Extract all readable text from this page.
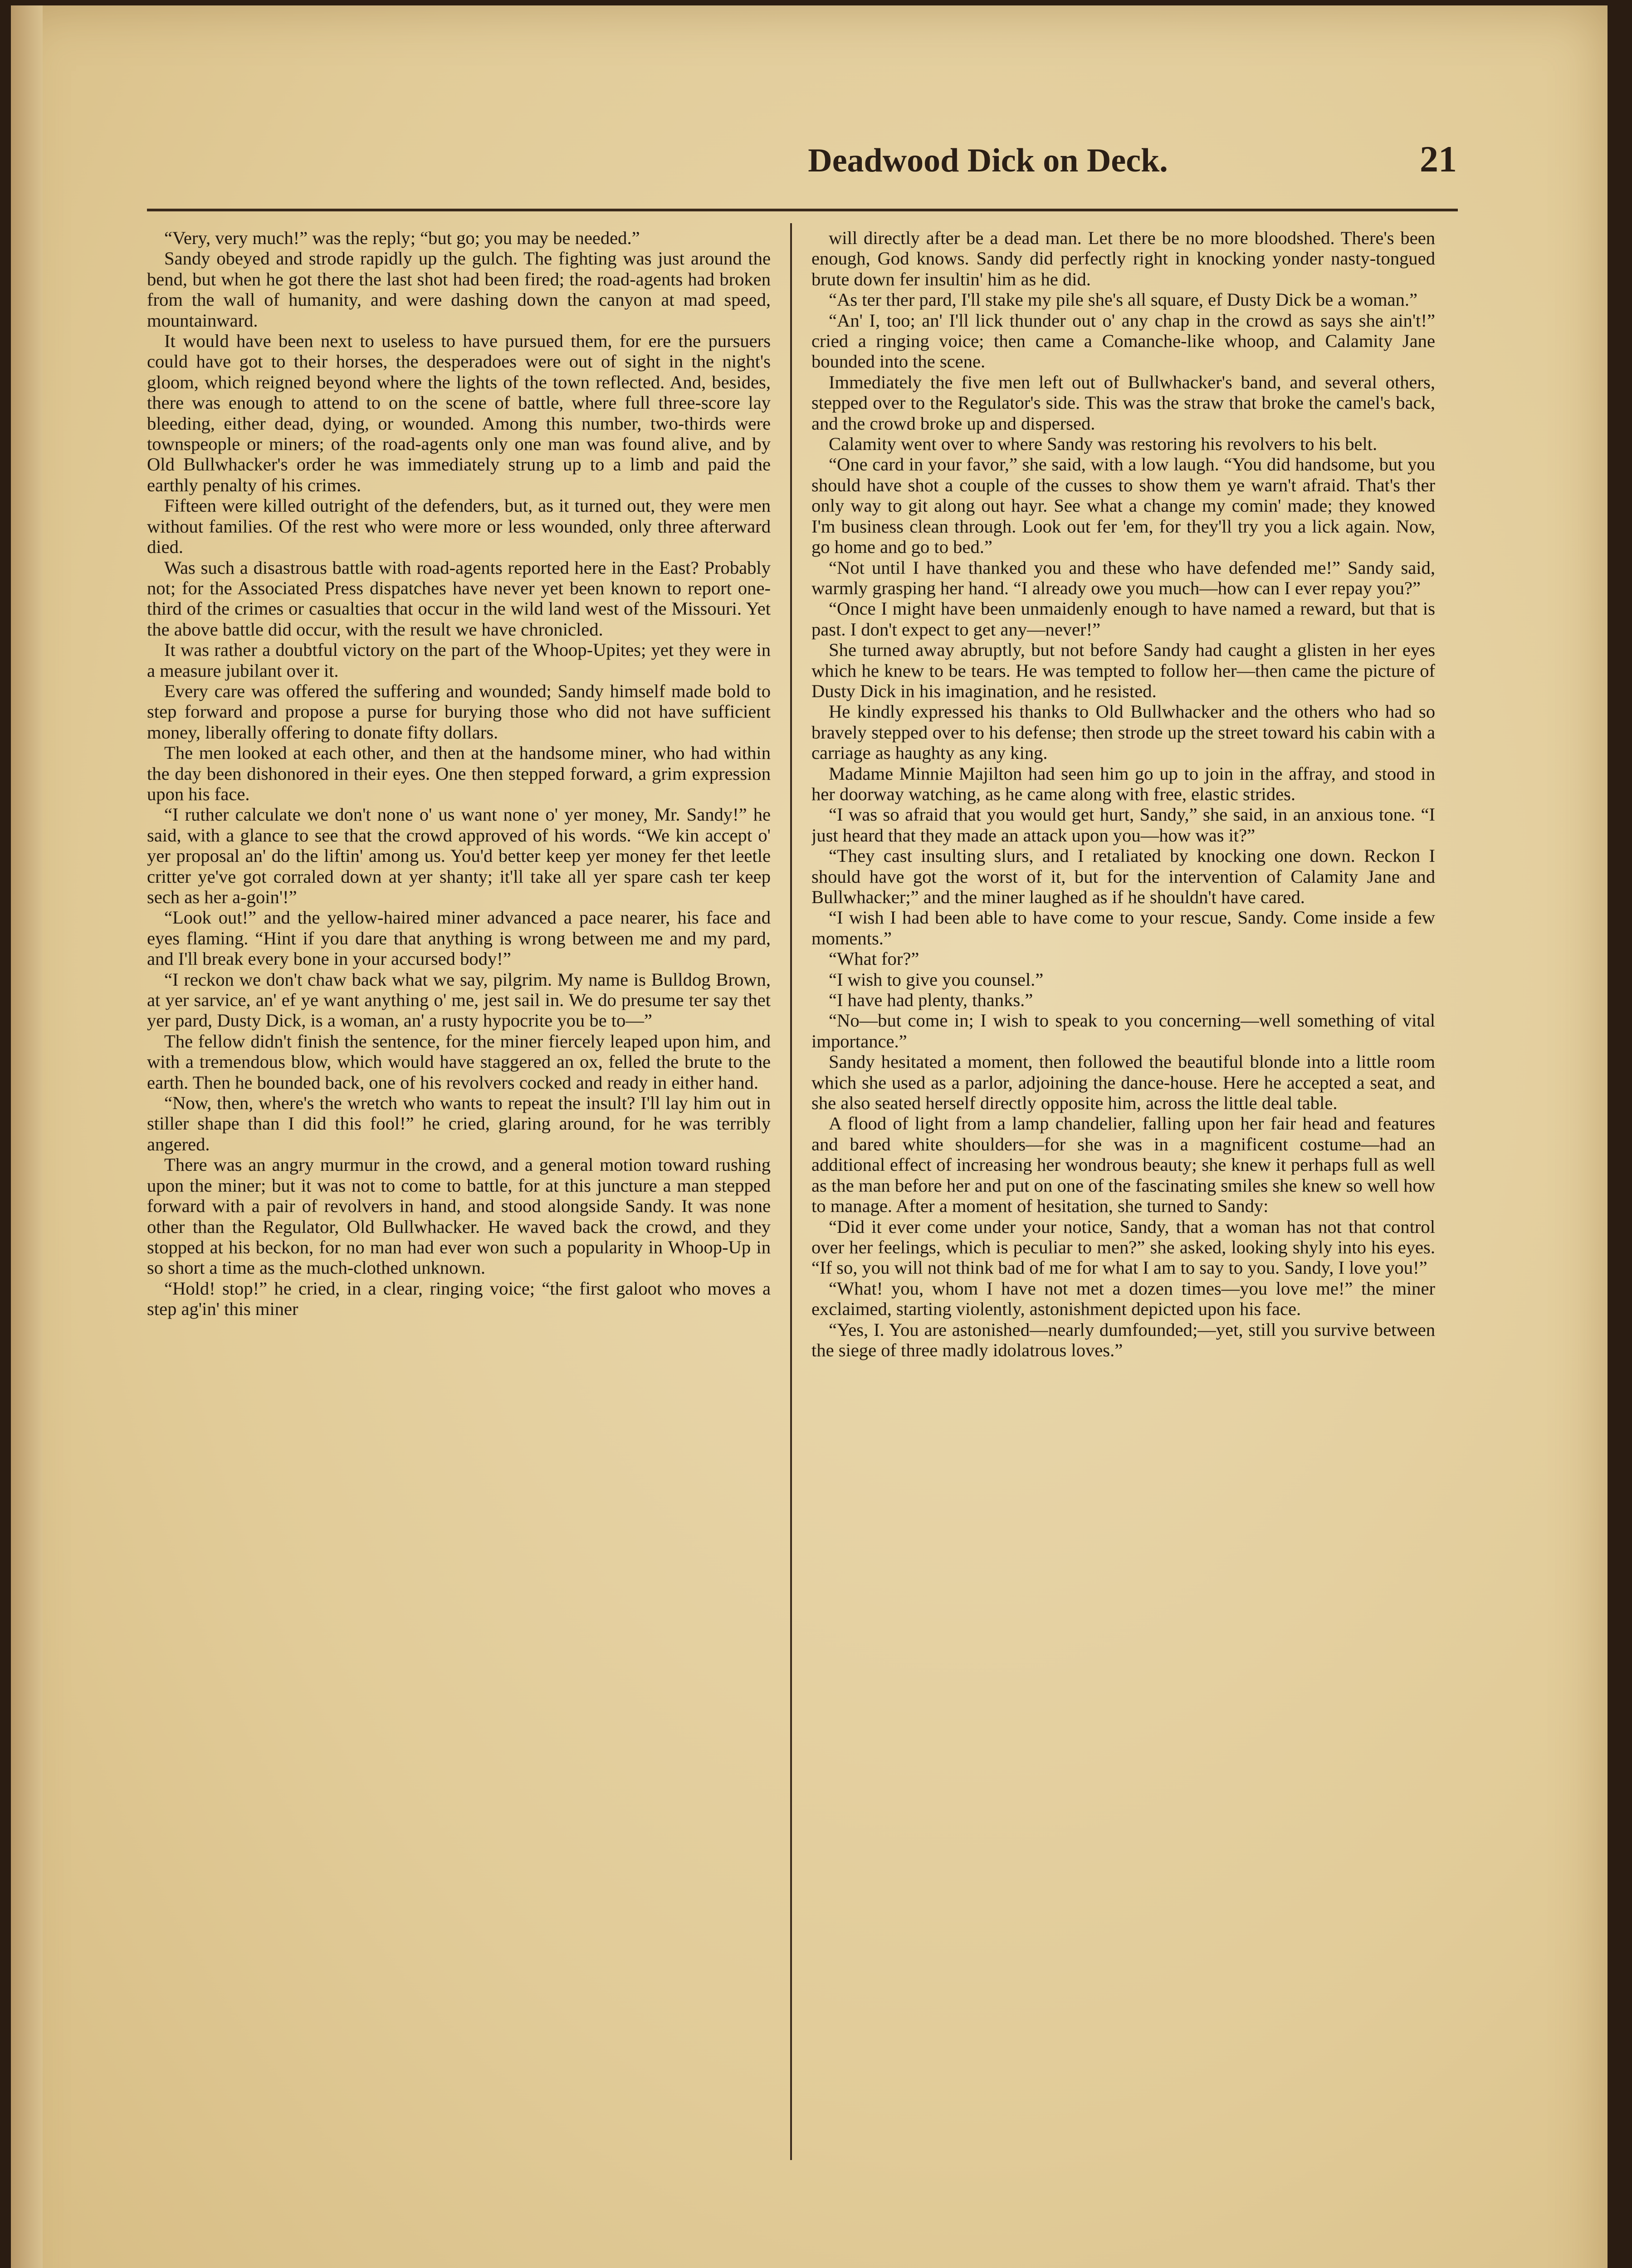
Deadwood Dick on Deck.	21

“Very, very much!” was the reply; “but go; you may be needed.”

Sandy obeyed and strode rapidly up the gulch. The fighting was just around the bend, but when he got there the last shot had been fired; the road-agents had broken from the wall of humanity, and were dashing down the canyon at mad speed, mountainward.

It would have been next to useless to have pursued them, for ere the pursuers could have got to their horses, the desperadoes were out of sight in the night's gloom, which reigned beyond where the lights of the town reflected. And, besides, there was enough to attend to on the scene of battle, where full three-score lay bleeding, either dead, dying, or wounded. Among this number, two-thirds were townspeople or miners; of the road-agents only one man was found alive, and by Old Bullwhacker's order he was immediately strung up to a limb and paid the earthly penalty of his crimes.

Fifteen were killed outright of the defenders, but, as it turned out, they were men without families. Of the rest who were more or less wounded, only three afterward died.

Was such a disastrous battle with road-agents reported here in the East? Probably not; for the Associated Press dispatches have never yet been known to report one-third of the crimes or casualties that occur in the wild land west of the Missouri. Yet the above battle did occur, with the result we have chronicled.

It was rather a doubtful victory on the part of the Whoop-Upites; yet they were in a measure jubilant over it.

Every care was offered the suffering and wounded; Sandy himself made bold to step forward and propose a purse for burying those who did not have sufficient money, liberally offering to donate fifty dollars.

The men looked at each other, and then at the handsome miner, who had within the day been dishonored in their eyes. One then stepped forward, a grim expression upon his face.

“I ruther calculate we don't none o' us want none o' yer money, Mr. Sandy!” he said, with a glance to see that the crowd approved of his words. “We kin accept o' yer proposal an' do the liftin' among us. You'd better keep yer money fer thet leetle critter ye've got corraled down at yer shanty; it'll take all yer spare cash ter keep sech as her a-goin'!”

“Look out!” and the yellow-haired miner advanced a pace nearer, his face and eyes flaming. “Hint if you dare that anything is wrong between me and my pard, and I'll break every bone in your accursed body!”

“I reckon we don't chaw back what we say, pilgrim. My name is Bulldog Brown, at yer sarvice, an' ef ye want anything o' me, jest sail in. We do presume ter say thet yer pard, Dusty Dick, is a woman, an' a rusty hypocrite you be to—”

The fellow didn't finish the sentence, for the miner fiercely leaped upon him, and with a tremendous blow, which would have staggered an ox, felled the brute to the earth. Then he bounded back, one of his revolvers cocked and ready in either hand.

“Now, then, where's the wretch who wants to repeat the insult? I'll lay him out in stiller shape than I did this fool!” he cried, glaring around, for he was terribly angered.

There was an angry murmur in the crowd, and a general motion toward rushing upon the miner; but it was not to come to battle, for at this juncture a man stepped forward with a pair of revolvers in hand, and stood alongside Sandy. It was none other than the Regulator, Old Bullwhacker. He waved back the crowd, and they stopped at his beckon, for no man had ever won such a popularity in Whoop-Up in so short a time as the much-clothed unknown.

“Hold! stop!” he cried, in a clear, ringing voice; “the first galoot who moves a step ag'in' this miner

will directly after be a dead man. Let there be no more bloodshed. There's been enough, God knows. Sandy did perfectly right in knocking yonder nasty-tongued brute down fer insultin' him as he did.

“As ter ther pard, I'll stake my pile she's all square, ef Dusty Dick be a woman.”

“An' I, too; an' I'll lick thunder out o' any chap in the crowd as says she ain't!” cried a ringing voice; then came a Comanche-like whoop, and Calamity Jane bounded into the scene.

Immediately the five men left out of Bullwhacker's band, and several others, stepped over to the Regulator's side. This was the straw that broke the camel's back, and the crowd broke up and dispersed.

Calamity went over to where Sandy was restoring his revolvers to his belt.

“One card in your favor,” she said, with a low laugh. “You did handsome, but you should have shot a couple of the cusses to show them ye warn't afraid. That's ther only way to git along out hayr. See what a change my comin' made; they knowed I'm business clean through. Look out fer 'em, for they'll try you a lick again. Now, go home and go to bed.”

“Not until I have thanked you and these who have defended me!” Sandy said, warmly grasping her hand. “I already owe you much—how can I ever repay you?”

“Once I might have been unmaidenly enough to have named a reward, but that is past. I don't expect to get any—never!”

She turned away abruptly, but not before Sandy had caught a glisten in her eyes which he knew to be tears. He was tempted to follow her—then came the picture of Dusty Dick in his imagination, and he resisted.

He kindly expressed his thanks to Old Bullwhacker and the others who had so bravely stepped over to his defense; then strode up the street toward his cabin with a carriage as haughty as any king.

Madame Minnie Majilton had seen him go up to join in the affray, and stood in her doorway watching, as he came along with free, elastic strides.

“I was so afraid that you would get hurt, Sandy,” she said, in an anxious tone. “I just heard that they made an attack upon you—how was it?”

“They cast insulting slurs, and I retaliated by knocking one down. Reckon I should have got the worst of it, but for the intervention of Calamity Jane and Bullwhacker;” and the miner laughed as if he shouldn't have cared.

“I wish I had been able to have come to your rescue, Sandy. Come inside a few moments.”

“What for?”

“I wish to give you counsel.”

“I have had plenty, thanks.”

“No—but come in; I wish to speak to you concerning—well something of vital importance.”

Sandy hesitated a moment, then followed the beautiful blonde into a little room which she used as a parlor, adjoining the dance-house. Here he accepted a seat, and she also seated herself directly opposite him, across the little deal table.

A flood of light from a lamp chandelier, falling upon her fair head and features and bared white shoulders—for she was in a magnificent costume—had an additional effect of increasing her wondrous beauty; she knew it perhaps full as well as the man before her and put on one of the fascinating smiles she knew so well how to manage. After a moment of hesitation, she turned to Sandy:

“Did it ever come under your notice, Sandy, that a woman has not that control over her feelings, which is peculiar to men?” she asked, looking shyly into his eyes. “If so, you will not think bad of me for what I am to say to you. Sandy, I love you!”

“What! you, whom I have not met a dozen times—you love me!” the miner exclaimed, starting violently, astonishment depicted upon his face.

“Yes, I. You are astonished—nearly dumfounded;—yet, still you survive between the siege of three madly idolatrous loves.”
